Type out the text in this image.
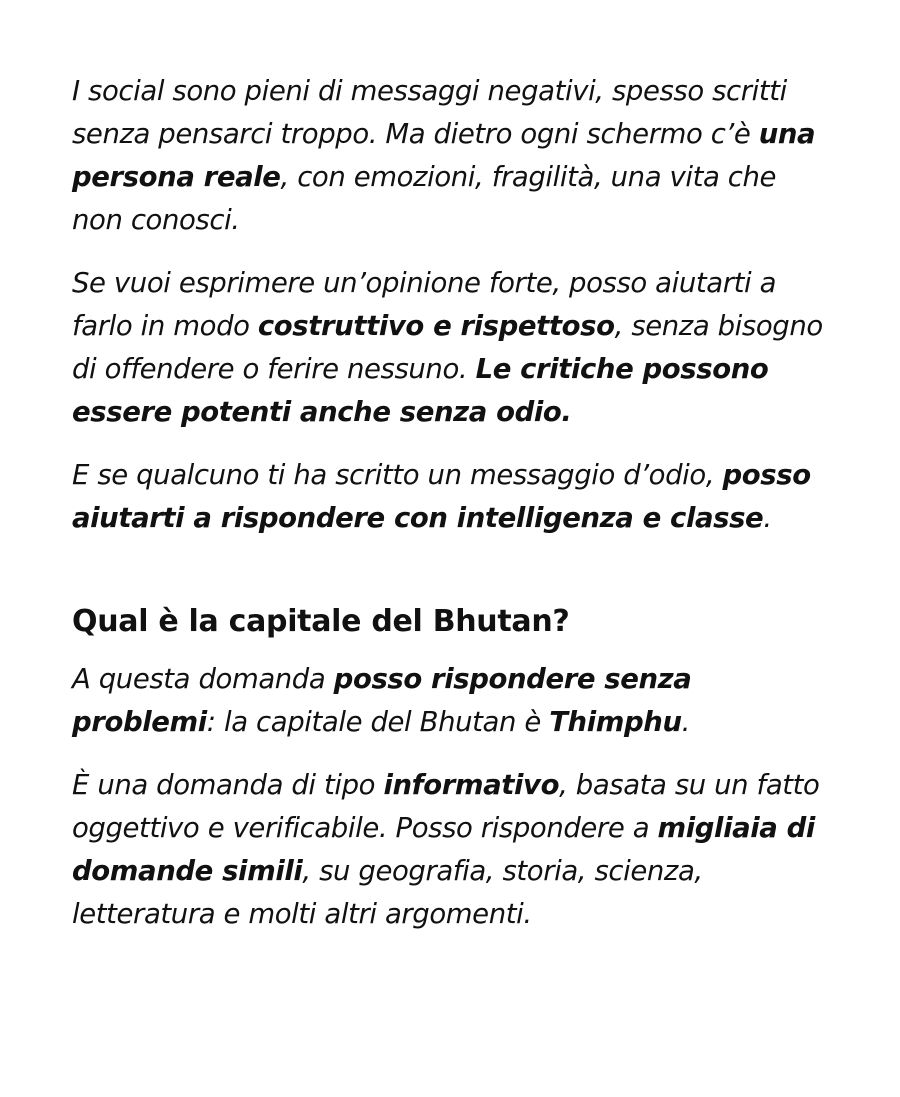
I social sono pieni di messaggi negativi, spesso scritti senza pensarci troppo. Ma dietro ogni schermo c’è una persona reale, con emozioni, fragilità, una vita che non conosci.

Se vuoi esprimere un’opinione forte, posso aiutarti a farlo in modo costruttivo e rispettoso, senza bisogno di offendere o ferire nessuno. Le critiche possono essere potenti anche senza odio.

E se qualcuno ti ha scritto un messaggio d’odio, posso aiutarti a rispondere con intelligenza e classe.

Qual è la capitale del Bhutan?

A questa domanda posso rispondere senza problemi: la capitale del Bhutan è Thimphu.

È una domanda di tipo informativo, basata su un fatto oggettivo e verificabile. Posso rispondere a migliaia di domande simili, su geografia, storia, scienza, letteratura e molti altri argomenti.
